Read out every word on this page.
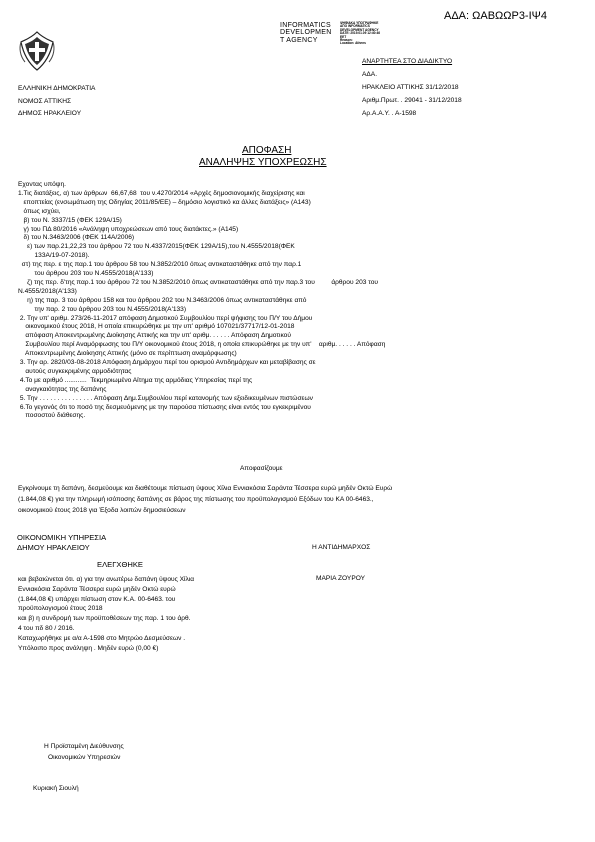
ΑΔΑ: ΩΑΒΩΩΡ3-ΙΨ4
INFORMATICS
DEVELOPMEN
T AGENCY
ΨΗΦΙΑΚΑ ΥΠΟΓΡΑΦΗΚΕ
ΑΠΟ INFORMATICS
DEVELOPMENT AGENCY
DATE: 2019.01.09 12:40:46
EET
Reason:
Location: Athens
ΕΛΛΗΝΙΚΗ ΔΗΜΟΚΡΑΤΙΑ
ΝΟΜΟΣ ΑΤΤΙΚΗΣ
ΔΗΜΟΣ ΗΡΑΚΛΕΙΟΥ
ΑΝΑΡΤΗΤΕΑ ΣΤΟ ΔΙΑΔΙΚΤΥΟ
ΑΔΑ.
ΗΡΑΚΛΕΙΟ ΑΤΤΙΚΗΣ 31/12/2018
Αριθμ.Πρωτ. . 29041 - 31/12/2018
Αρ.Α.Α.Υ. . Α-1598
ΑΠΟΦΑΣΗ
ΑΝΑΛΗΨΗΣ ΥΠΟΧΡΕΩΣΗΣ
Εχοντας υπόψη.
1.Τις διατάξεις, α) των άρθρων  66,67,68  του ν.4270/2014 «Αρχές δημοσιονομικής διαχείρισης και
εποπτείας (ενσωμάτωση της Οδηγίας 2011/85/ΕΕ) – δημόσιο λογιστικό κα άλλες διατάξεις» (Α143)
όπως ισχύει,
β) του Ν. 3337/15 (ΦΕΚ 129Α/15)
γ) του ΠΔ 80/2016 «Ανάληψη υποχρεώσεων από τους διατάκτες.» (Α145)
δ) του Ν.3463/2006 (ΦΕΚ 114Α/2006)
ε) των παρ.21,22,23 του άρθρου 72 του Ν.4337/2015(ΦΕΚ 129Α/15),του Ν.4555/2018(ΦΕΚ
133Α/19-07-2018).
στ) της περ. ε της παρ.1 του άρθρου 58 του Ν.3852/2010 όπως αντικαταστάθηκε από την παρ.1
του άρθρου 203 του Ν.4555/2018(Α'133)
ζ) της περ. δ'της παρ.1 του άρθρου 72 του Ν.3852/2010 όπως αντικαταστάθηκε από την παρ.3 του         άρθρου 203 του
Ν.4555/2018(Α'133)
η) της παρ. 3 του άρθρου 158 και του άρθρου 202 του Ν.3463/2006 όπως αντικαταστάθηκε από
την παρ. 2 του άρθρου 203 του Ν.4555/2018(Α'133)
2. Την υπ' αριθμ. 273/26-11-2017 απόφαση Δημοτικού Συμβουλίου περί ψήφισης του Π/Υ του Δήμου
οικονομικού έτους 2018, Η οποία επικυρώθηκε με την υπ' αριθμό 107021/37717/12-01-2018
απόφαση Αποκεντρωμένης Διοίκησης Αττικής και την υπ' αριθμ. . . . . . Απόφαση Δημοτικού
Συμβουλίου περί Αναμόρφωσης του Π/Υ οικονομικού έτους 2018, η οποία επικυρώθηκε με την υπ'    αριθμ. . . . . . Απόφαση
Αποκεντρωμένης Διοίκησης Αττικής (μόνο σε περίπτωση αναμόρφωσης)
3. Την αρ. 2820/03-08-2018 Απόφαση Δημάρχου περί του ορισμού Αντιδημάρχων και μεταβίβασης σε
αυτούς συγκεκριμένης αρμοδιότητας
4.Το με αριθμό ............  Τεκμηριωμένο Αίτημα της αρμόδιας Υπηρεσίας περί της
αναγκαιότητας της δαπάνης
5. Την . . . . . . . . . . . . . . . Απόφαση Δημ.Συμβουλίου περί κατανομής των εξειδικευμένων πιστώσεων
6.Το γεγονός ότι το ποσό της δεσμευόμενης με την παρούσα πίστωσης είναι εντός του εγκεκριμένου
ποσοστού διάθεσης.
Αποφασίζουμε
Εγκρίνουμε τη δαπάνη, δεσμεύουμε και διαθέτουμε πίστωση ύψους Χίλια Εννιακόσια Σαράντα Τέσσερα ευρώ μηδέν Οκτώ Ευρώ
(1.844,08 €) για την πληρωμή ισόποσης δαπάνης σε βάρος της πίστωσης του προϋπολογισμού Εξόδων του ΚΑ 00-6463.,
οικονομικού έτους 2018 για Έξοδα λοιπών δημοσιεύσεων
ΟΙΚΟΝΟΜΙΚΗ ΥΠΗΡΕΣΙΑ
ΔΗΜΟΥ ΗΡΑΚΛΕΙΟΥ
ΕΛΕΓΧΘΗΚΕ
και βεβαιώνεται ότι. α) για την ανωτέρω δαπάνη ύψους Χίλια
Εννιακόσια Σαράντα Τέσσερα ευρώ μηδέν Οκτώ ευρώ
(1.844,08 €) υπάρχει πίστωση στον Κ.Α. 00-6463. του
προϋπολογισμού έτους 2018
και β) η συνδρομή των προϋποθέσεων της παρ. 1 του άρθ.
4 του πδ 80 / 2016.
Καταχωρήθηκε με α/α Α-1598 στο Μητρώο Δεσμεύσεων .
Υπόλοιπο προς ανάληψη . Μηδέν ευρώ (0,00 €)
Η ΑΝΤΙΔΗΜΑΡΧΟΣ
ΜΑΡΙΑ ΖΟΥΡΟΥ
Η Προϊσταμένη Διεύθυνσης
Οικονομικών Υπηρεσιών
Κυριακή Σιουλή
